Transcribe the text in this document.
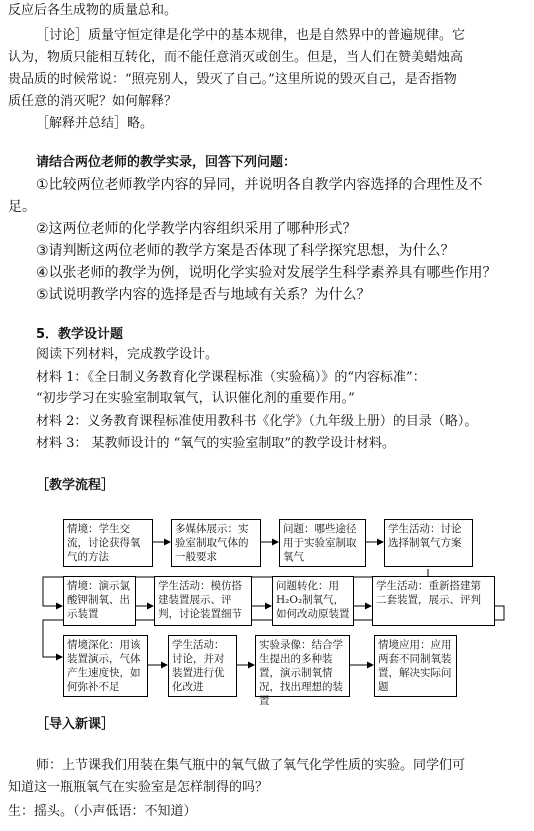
反应后各生成物的质量总和。
［讨论］质量守恒定律是化学中的基本规律，也是自然界中的普遍规律。它
认为，物质只能相互转化，而不能任意消灭或创生。但是，当人们在赞美蜡烛高
贵品质的时候常说：“照亮别人，毁灭了自己。”这里所说的毁灭自己，是否指物
质任意的消灭呢？如何解释？
［解释并总结］略。
请结合两位老师的教学实录，回答下列问题：
①比较两位老师教学内容的异同，并说明各自教学内容选择的合理性及不
足。
②这两位老师的化学教学内容组织采用了哪种形式？
③请判断这两位老师的教学方案是否体现了科学探究思想，为什么？
④以张老师的教学为例，说明化学实验对发展学生科学素养具有哪些作用？
⑤试说明教学内容的选择是否与地域有关系？为什么？
5．教学设计题
阅读下列材料，完成教学设计。
材料 1：《全日制义务教育化学课程标准（实验稿）》的“内容标准”：
“初步学习在实验室制取氧气，认识催化剂的重要作用。”
材料 2：义务教育课程标准使用教科书《化学》（九年级上册）的目录（略）。
材料 3： 某教师设计的 “氧气的实验室制取”的教学设计材料。
［教学流程］
情境：学生交流，讨论获得氧气的方法
多媒体展示：实验室制取气体的一般要求
问题：哪些途径用于实验室制取氧气
学生活动：讨论选择制氧气方案
情境：演示氯酸钾制氧、出示装置
学生活动：模仿搭建装置展示、评判，讨论装置细节
问题转化：用H₂O₂制氧气，如何改动原装置
学生活动：重新搭建第二套装置，展示、评判
情境深化：用该装置演示，气体产生速度快，如何弥补不足
学生活动：讨论，并对装置进行优化改进
实验录像：结合学生提出的多种装置，演示制氧情况，找出理想的装置
情境应用：应用两套不同制氧装置，解决实际问题
［导入新课］
师：上节课我们用装在集气瓶中的氧气做了氧气化学性质的实验。同学们可
知道这一瓶瓶氧气在实验室是怎样制得的吗？
生：摇头。（小声低语：不知道）
